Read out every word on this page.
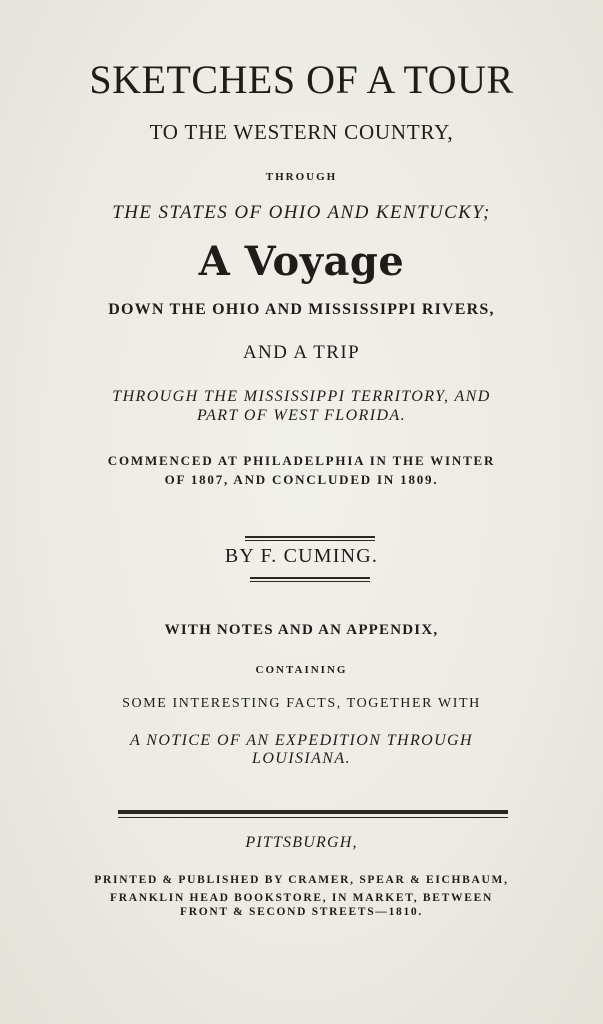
SKETCHES OF A TOUR
TO THE WESTERN COUNTRY,
THROUGH
THE STATES OF OHIO AND KENTUCKY;
A Voyage
DOWN THE OHIO AND MISSISSIPPI RIVERS,
AND A TRIP
THROUGH THE MISSISSIPPI TERRITORY, AND
PART OF WEST FLORIDA.
COMMENCED AT PHILADELPHIA IN THE WINTER
OF 1807, AND CONCLUDED IN 1809.
BY F. CUMING.
WITH NOTES AND AN APPENDIX,
CONTAINING
SOME INTERESTING FACTS, TOGETHER WITH
A NOTICE OF AN EXPEDITION THROUGH
LOUISIANA.
PITTSBURGH,
PRINTED & PUBLISHED BY CRAMER, SPEAR & EICHBAUM,
FRANKLIN HEAD BOOKSTORE, IN MARKET, BETWEEN
FRONT & SECOND STREETS—1810.
